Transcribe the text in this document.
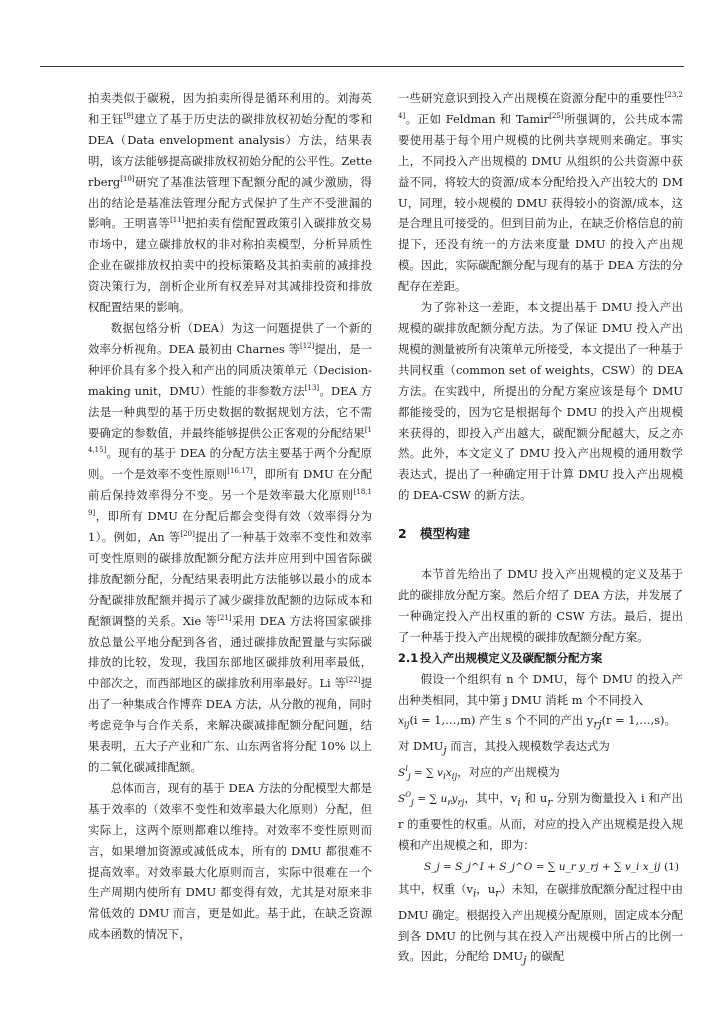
拍卖类似于碳税，因为拍卖所得是循环利用的。刘海英和王钰[9]建立了基于历史法的碳排放权初始分配的零和 DEA（Data envelopment analysis）方法，结果表明，该方法能够提高碳排放权初始分配的公平性。Zetterberg[10]研究了基准法管理下配额分配的减少激励，得出的结论是基准法管理分配方式保护了生产不受泄漏的影响。王明喜等[11]把拍卖有偿配置政策引入碳排放交易市场中，建立碳排放权的非对称拍卖模型，分析异质性企业在碳排放权拍卖中的投标策略及其拍卖前的减排投资决策行为，剖析企业所有权差异对其减排投资和排放权配置结果的影响。

数据包络分析（DEA）为这一问题提供了一个新的效率分析视角。DEA 最初由 Charnes 等[12]提出，是一种评价具有多个投入和产出的同质决策单元（Decision-making unit，DMU）性能的非参数方法[13]。DEA 方法是一种典型的基于历史数据的数据规划方法，它不需要确定的参数值，并最终能够提供公正客观的分配结果[14,15]。现有的基于 DEA 的分配方法主要基于两个分配原则。一个是效率不变性原则[16,17]，即所有 DMU 在分配前后保持效率得分不变。另一个是效率最大化原则[18,19]，即所有 DMU 在分配后都会变得有效（效率得分为 1）。例如，An 等[20]提出了一种基于效率不变性和效率可变性原则的碳排放配额分配方法并应用到中国省际碳排放配额分配，分配结果表明此方法能够以最小的成本分配碳排放配额并揭示了减少碳排放配额的边际成本和配额调整的关系。Xie 等[21]采用 DEA 方法将国家碳排放总量公平地分配到各省，通过碳排放配置量与实际碳排放的比较，发现，我国东部地区碳排放利用率最低，中部次之，而西部地区的碳排放利用率最好。Li 等[22]提出了一种集成合作博弈 DEA 方法，从分散的视角，同时考虑竞争与合作关系，来解决碳减排配额分配问题，结果表明，五大子产业和广东、山东两省将分配 10% 以上的二氧化碳减排配额。

总体而言，现有的基于 DEA 方法的分配模型大都是基于效率的（效率不变性和效率最大化原则）分配，但实际上，这两个原则都难以维持。对效率不变性原则而言，如果增加资源或减低成本，所有的 DMU 都很难不提高效率。对效率最大化原则而言，实际中很难在一个生产周期内使所有 DMU 都变得有效，尤其是对原来非常低效的 DMU 而言，更是如此。基于此，在缺乏资源成本函数的情况下，

一些研究意识到投入产出规模在资源分配中的重要性[23,24]。正如 Feldman 和 Tamir[25]所强调的，公共成本需要使用基于每个用户规模的比例共享规则来确定。事实上，不同投入产出规模的 DMU 从组织的公共资源中获益不同，将较大的资源/成本分配给投入产出较大的 DMU，同理，较小规模的 DMU 获得较小的资源/成本，这是合理且可接受的。但到目前为止，在缺乏价格信息的前提下，还没有统一的方法来度量 DMU 的投入产出规模。因此，实际碳配额分配与现有的基于 DEA 方法的分配存在差距。

为了弥补这一差距，本文提出基于 DMU 投入产出规模的碳排放配额分配方法。为了保证 DMU 投入产出规模的测量被所有决策单元所接受，本文提出了一种基于共同权重（common set of weights，CSW）的 DEA 方法。在实践中，所提出的分配方案应该是每个 DMU 都能接受的，因为它是根据每个 DMU 的投入产出规模来获得的，即投入产出越大，碳配额分配越大，反之亦然。此外，本文定义了 DMU 投入产出规模的通用数学表达式，提出了一种确定用于计算 DMU 投入产出规模的 DEA-CSW 的新方法。

2 模型构建

本节首先给出了 DMU 投入产出规模的定义及基于此的碳排放分配方案。然后介绍了 DEA 方法，并发展了一种确定投入产出权重的新的 CSW 方法。最后，提出了一种基于投入产出规模的碳排放配额分配方案。

2.1 投入产出规模定义及碳配额分配方案

假设一个组织有 n 个 DMU，每个 DMU 的投入产出种类相同，其中第 j DMU 消耗 m 个不同投入
$x_{ij}(i$ = 1,…,m) 产生 s 个不同的产出 $y_{rj}(r$ = 1,…,s)。

对 $DMU_j$ 而言，其投入规模数学表达式为
$S^I_j$ = ∑ $v_ix_{ij}$，对应的产出规模为
$S^O_j$ = ∑ $u_ry_{rj}$，其中，$v_i$ 和 $u_r$ 分别为衡量投入 i 和产出 r 的重要性的权重。从而，对应的投入产出规模是投入规模和产出规模之和，即为：

S_j = S_j^I + S_j^O = ∑ u_r y_rj + ∑ v_i x_ij (1)

其中，权重（$v_i$，$u_r$）未知，在碳排放配额分配过程中由 DMU 确定。根据投入产出规模分配原则，固定成本分配到各 DMU 的比例与其在投入产出规模中所占的比例一致。因此，分配给 $DMU_j$ 的碳配
